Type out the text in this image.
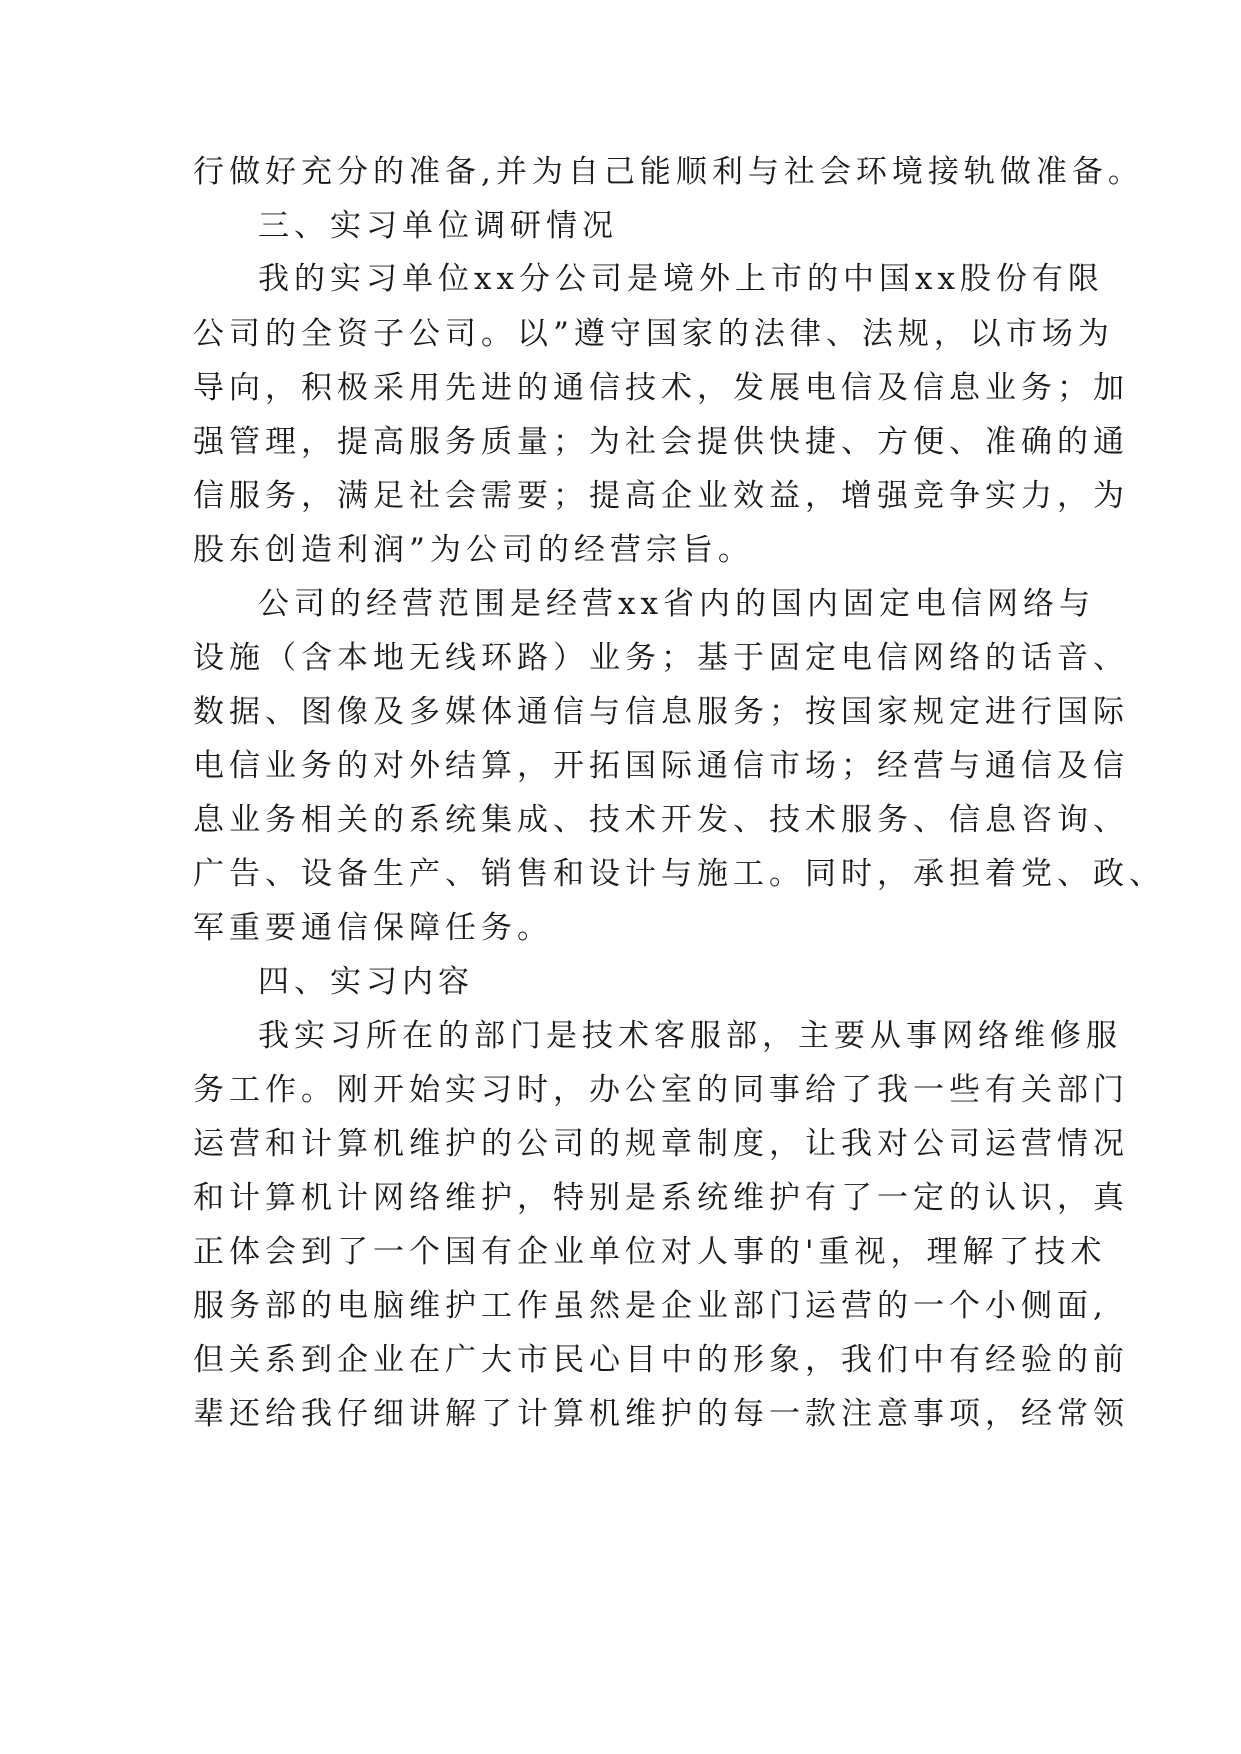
行做好充分的准备,并为自己能顺利与社会环境接轨做准备。
三、实习单位调研情况
我的实习单位xx分公司是境外上市的中国xx股份有限
公司的全资子公司。以”遵守国家的法律、法规，以市场为
导向，积极采用先进的通信技术，发展电信及信息业务；加
强管理，提高服务质量；为社会提供快捷、方便、准确的通
信服务，满足社会需要；提高企业效益，增强竞争实力，为
股东创造利润”为公司的经营宗旨。
公司的经营范围是经营xx省内的国内固定电信网络与
设施（含本地无线环路）业务；基于固定电信网络的话音、
数据、图像及多媒体通信与信息服务；按国家规定进行国际
电信业务的对外结算，开拓国际通信市场；经营与通信及信
息业务相关的系统集成、技术开发、技术服务、信息咨询、
广告、设备生产、销售和设计与施工。同时，承担着党、政、
军重要通信保障任务。
四、实习内容
我实习所在的部门是技术客服部，主要从事网络维修服
务工作。刚开始实习时，办公室的同事给了我一些有关部门
运营和计算机维护的公司的规章制度，让我对公司运营情况
和计算机计网络维护，特别是系统维护有了一定的认识，真
正体会到了一个国有企业单位对人事的'重视，理解了技术
服务部的电脑维护工作虽然是企业部门运营的一个小侧面,
但关系到企业在广大市民心目中的形象，我们中有经验的前
辈还给我仔细讲解了计算机维护的每一款注意事项，经常领
